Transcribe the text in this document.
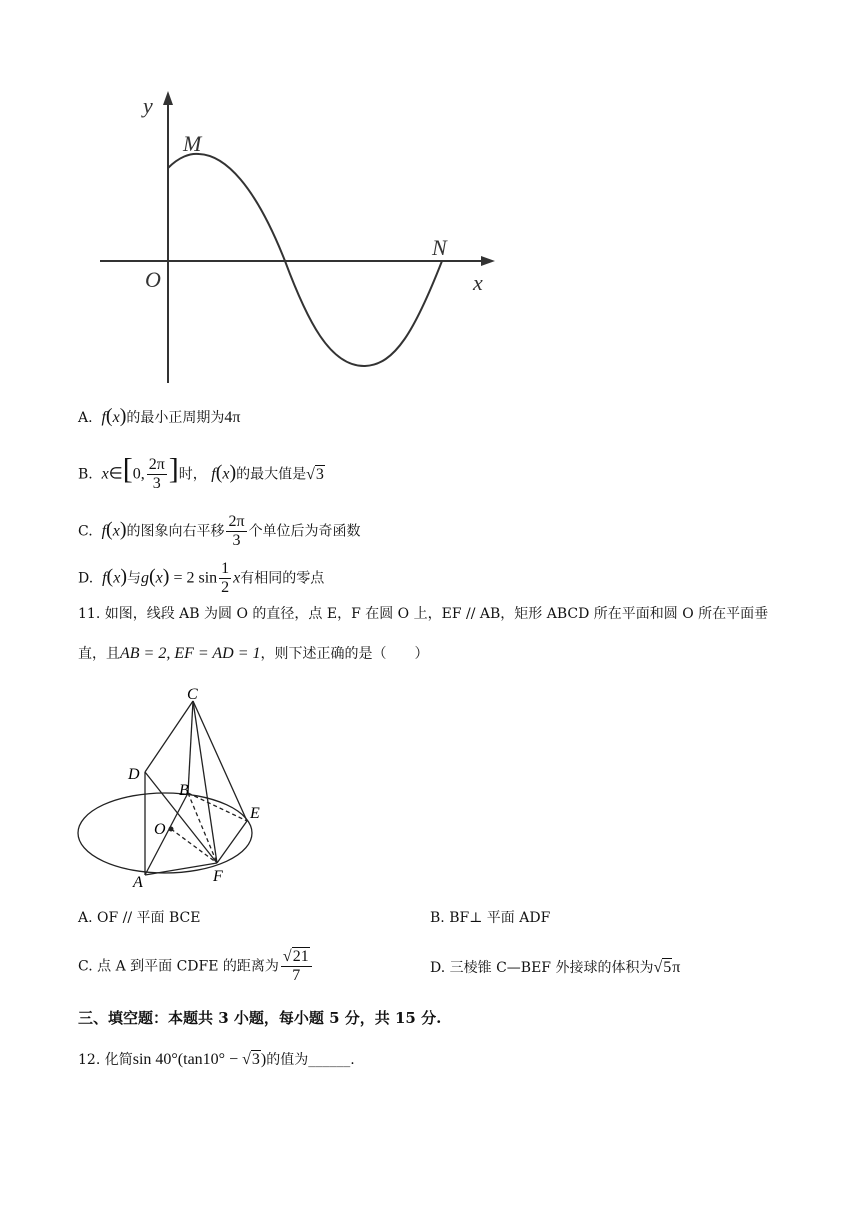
y
x
O
M
N
A. f(x)的最小正周期为4π
B. x∈[0, $\frac{2\pi}{3}$ ]时， f(x)的最大值是√3
C. f(x)的图象向右平移 $\frac{2\pi}{3}$ 个单位后为奇函数
D. f(x)与g(x) = 2 $\sin \frac{1}{2}$ x有相同的零点
11. 如图，线段 AB 为圆 O 的直径，点 E，F 在圆 O 上，EF // AB，矩形 ABCD 所在平面和圆 O 所在平面垂
直，且AB = 2, EF = AD = 1，则下述正确的是（　　）
C
D
B
E
O
A	F
A. OF // 平面 BCE	B. BF⊥ 平面 ADF
C. 点 A 到平面 CDFE 的距离为 $\frac{√21}{7}$	D. 三棱锥 C—BEF 外接球的体积为√5π
三、填空题：本题共 3 小题，每小题 5 分，共 15 分.
12. 化简sin 40°(tan10° − √3)的值为______.
